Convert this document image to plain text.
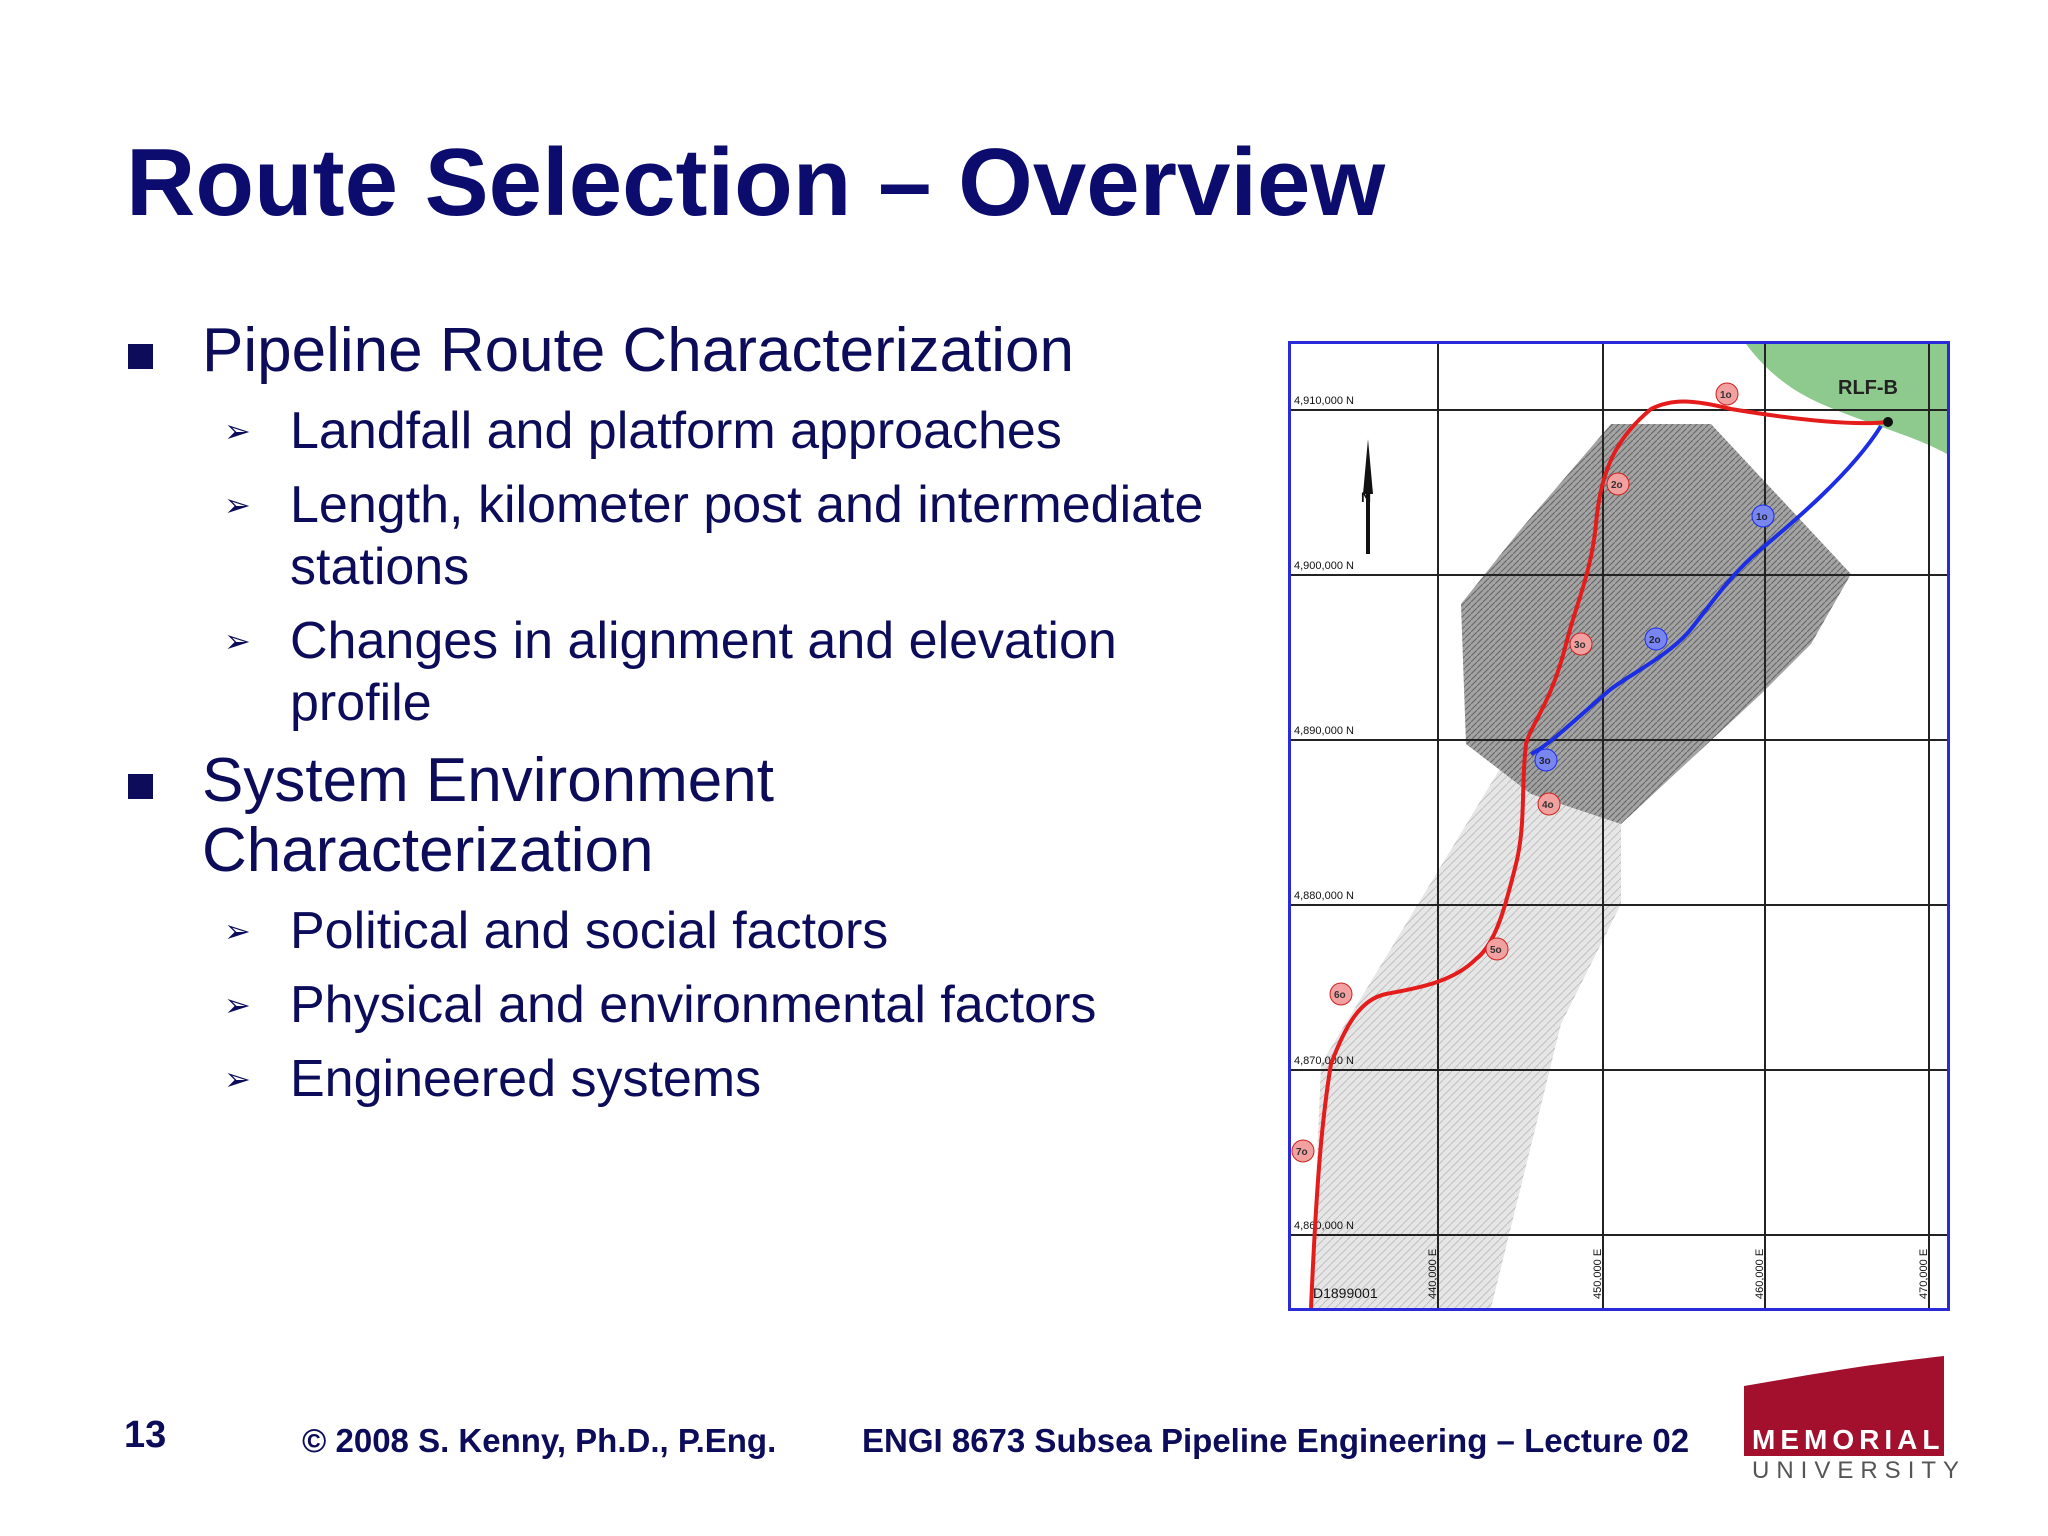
Route Selection – Overview
Pipeline Route Characterization
➢ Landfall and platform approaches
➢ Length, kilometer post and intermediate stations
➢ Changes in alignment and elevation profile
System Environment Characterization
➢ Political and social factors
➢ Physical and environmental factors
➢ Engineered systems
N
4,910,000 N
4,900,000 N
4,890,000 N
4,880,000 N
4,870,000 N
4,860,000 N
440,000 E	450,000 E	460,000 E	470,000 E
D1899001
RLF-B
1o
2o
3o
4o
5o
6o
7o
1o
2o
3o
13	© 2008 S. Kenny, Ph.D., P.Eng.	ENGI 8673 Subsea Pipeline Engineering – Lecture 02 MEMORIAL
UNIVERSITY
